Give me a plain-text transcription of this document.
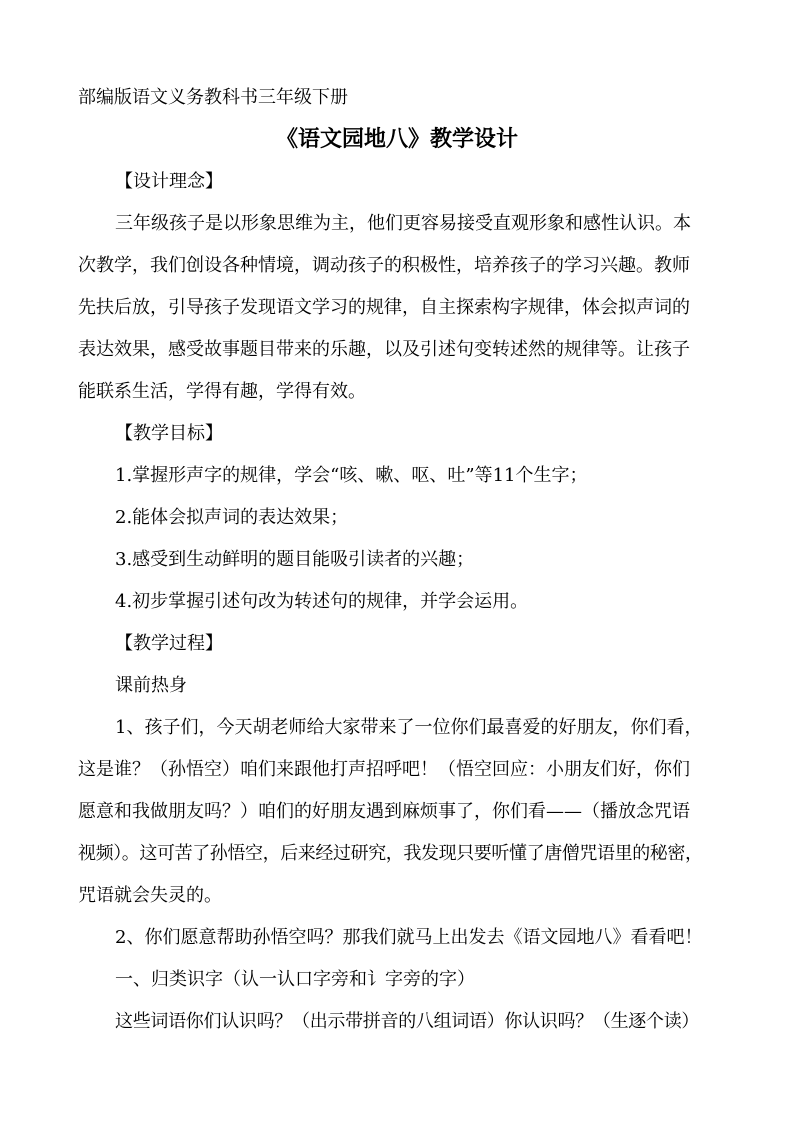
部编版语文义务教科书三年级下册
《语文园地八》教学设计
【设计理念】
三年级孩子是以形象思维为主，他们更容易接受直观形象和感性认识。本
次教学，我们创设各种情境，调动孩子的积极性，培养孩子的学习兴趣。教师
先扶后放，引导孩子发现语文学习的规律，自主探索构字规律，体会拟声词的
表达效果，感受故事题目带来的乐趣，以及引述句变转述然的规律等。让孩子
能联系生活，学得有趣，学得有效。
【教学目标】
1.掌握形声字的规律，学会“咳、嗽、呕、吐”等11个生字；
2.能体会拟声词的表达效果；
3.感受到生动鲜明的题目能吸引读者的兴趣；
4.初步掌握引述句改为转述句的规律，并学会运用。
【教学过程】
课前热身
1、孩子们，今天胡老师给大家带来了一位你们最喜爱的好朋友，你们看，
这是谁？（孙悟空）咱们来跟他打声招呼吧！（悟空回应：小朋友们好，你们
愿意和我做朋友吗？）咱们的好朋友遇到麻烦事了，你们看——（播放念咒语
视频）。这可苦了孙悟空，后来经过研究，我发现只要听懂了唐僧咒语里的秘密，
咒语就会失灵的。
2、你们愿意帮助孙悟空吗？那我们就马上出发去《语文园地八》看看吧！
一、归类识字（认一认口字旁和讠字旁的字）
这些词语你们认识吗？（出示带拼音的八组词语）你认识吗？（生逐个读）
